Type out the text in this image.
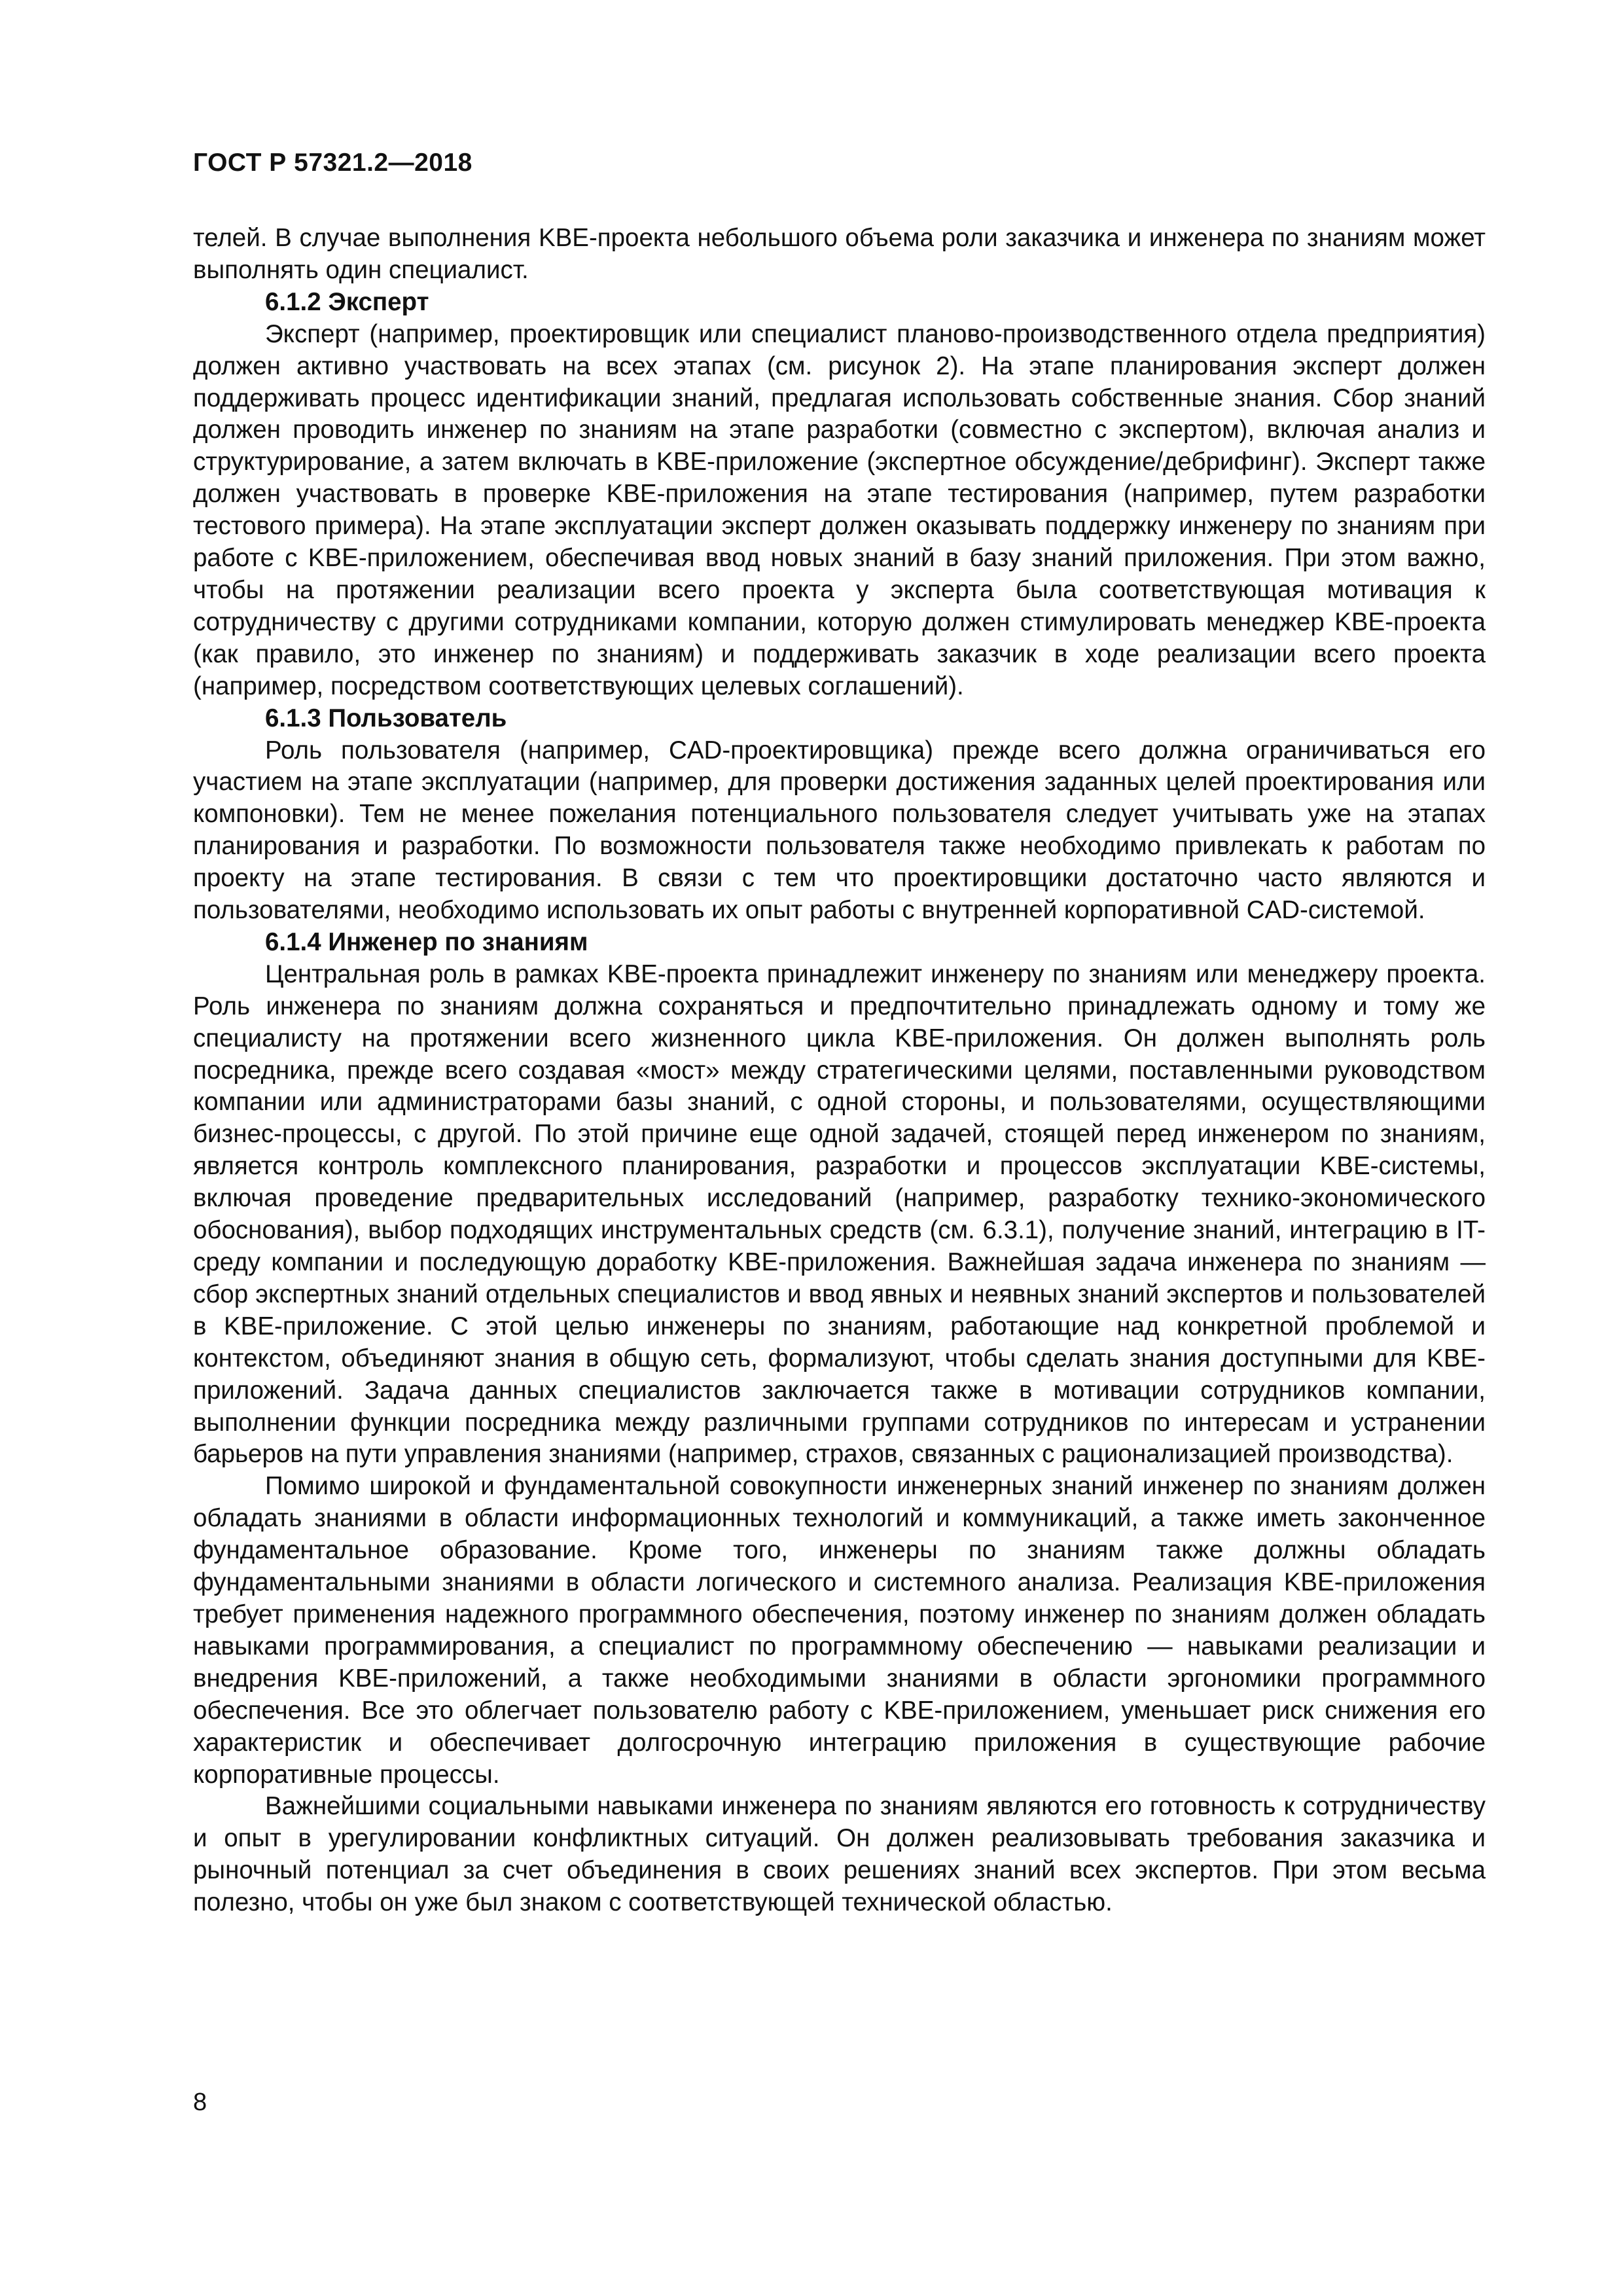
ГОСТ Р 57321.2—2018

телей. В случае выполнения KBE-проекта небольшого объема роли заказчика и инженера по знаниям может выполнять один специалист.

6.1.2 Эксперт

Эксперт (например, проектировщик или специалист планово-производственного отдела предприятия) должен активно участвовать на всех этапах (см. рисунок 2). На этапе планирования эксперт должен поддерживать процесс идентификации знаний, предлагая использовать собственные знания. Сбор знаний должен проводить инженер по знаниям на этапе разработки (совместно с экспертом), включая анализ и структурирование, а затем включать в KBE-приложение (экспертное обсуждение/дебрифинг). Эксперт также должен участвовать в проверке KBE-приложения на этапе тестирования (например, путем разработки тестового примера). На этапе эксплуатации эксперт должен оказывать поддержку инженеру по знаниям при работе с KBE-приложением, обеспечивая ввод новых знаний в базу знаний приложения. При этом важно, чтобы на протяжении реализации всего проекта у эксперта была соответствующая мотивация к сотрудничеству с другими сотрудниками компании, которую должен стимулировать менеджер KBE-проекта (как правило, это инженер по знаниям) и поддерживать заказчик в ходе реализации всего проекта (например, посредством соответствующих целевых соглашений).

6.1.3 Пользователь

Роль пользователя (например, CAD-проектировщика) прежде всего должна ограничиваться его участием на этапе эксплуатации (например, для проверки достижения заданных целей проектирования или компоновки). Тем не менее пожелания потенциального пользователя следует учитывать уже на этапах планирования и разработки. По возможности пользователя также необходимо привлекать к работам по проекту на этапе тестирования. В связи с тем что проектировщики достаточно часто являются и пользователями, необходимо использовать их опыт работы с внутренней корпоративной CAD-системой.

6.1.4 Инженер по знаниям

Центральная роль в рамках KBE-проекта принадлежит инженеру по знаниям или менеджеру проекта. Роль инженера по знаниям должна сохраняться и предпочтительно принадлежать одному и тому же специалисту на протяжении всего жизненного цикла KBE-приложения. Он должен выполнять роль посредника, прежде всего создавая «мост» между стратегическими целями, поставленными руководством компании или администраторами базы знаний, с одной стороны, и пользователями, осуществляющими бизнес-процессы, с другой. По этой причине еще одной задачей, стоящей перед инженером по знаниям, является контроль комплексного планирования, разработки и процессов эксплуатации KBE-системы, включая проведение предварительных исследований (например, разработку технико-экономического обоснования), выбор подходящих инструментальных средств (см. 6.3.1), получение знаний, интеграцию в IT-среду компании и последующую доработку KBE-приложения. Важнейшая задача инженера по знаниям — сбор экспертных знаний отдельных специалистов и ввод явных и неявных знаний экспертов и пользователей в KBE-приложение. С этой целью инженеры по знаниям, работающие над конкретной проблемой и контекстом, объединяют знания в общую сеть, формализуют, чтобы сделать знания доступными для KBE-приложений. Задача данных специалистов заключается также в мотивации сотрудников компании, выполнении функции посредника между различными группами сотрудников по интересам и устранении барьеров на пути управления знаниями (например, страхов, связанных с рационализацией производства).

Помимо широкой и фундаментальной совокупности инженерных знаний инженер по знаниям должен обладать знаниями в области информационных технологий и коммуникаций, а также иметь законченное фундаментальное образование. Кроме того, инженеры по знаниям также должны обладать фундаментальными знаниями в области логического и системного анализа. Реализация KBE-приложения требует применения надежного программного обеспечения, поэтому инженер по знаниям должен обладать навыками программирования, а специалист по программному обеспечению — навыками реализации и внедрения KBE-приложений, а также необходимыми знаниями в области эргономики программного обеспечения. Все это облегчает пользователю работу с KBE-приложением, уменьшает риск снижения его характеристик и обеспечивает долгосрочную интеграцию приложения в существующие рабочие корпоративные процессы.

Важнейшими социальными навыками инженера по знаниям являются его готовность к сотрудничеству и опыт в урегулировании конфликтных ситуаций. Он должен реализовывать требования заказчика и рыночный потенциал за счет объединения в своих решениях знаний всех экспертов. При этом весьма полезно, чтобы он уже был знаком с соответствующей технической областью.

8
